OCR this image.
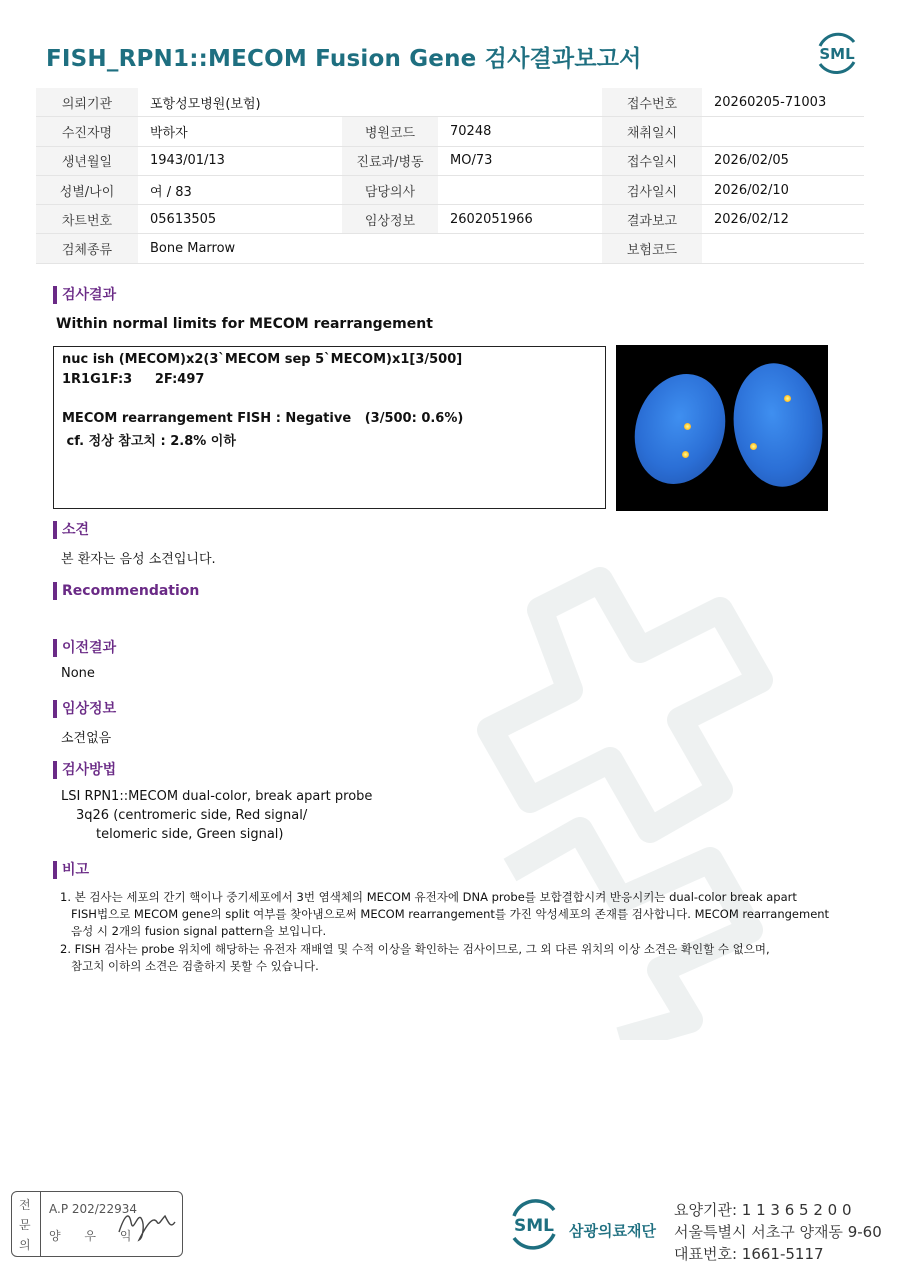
FISH_RPN1::MECOM Fusion Gene 검사결과보고서	SML
의뢰기관	포항성모병원(보험)			접수번호	20260205-71003
수진자명	박하자	병원코드	70248	채취일시	
생년월일	1943/01/13	진료과/병동	MO/73	접수일시	2026/02/05
성별/나이	여 / 83	담당의사		검사일시	2026/02/10
차트번호	05613505	임상정보	2602051966	결과보고	2026/02/12
검체종류	Bone Marrow			보험코드	
검사결과
Within normal limits for MECOM rearrangement
nuc ish (MECOM)x2(3`MECOM sep 5`MECOM)x1[3/500]
1R1G1F:3     2F:497
MECOM rearrangement FISH : Negative   (3/500: 0.6%)
cf. 정상 참고치 : 2.8% 이하
소견
본 환자는 음성 소견입니다.
Recommendation
이전결과
None
임상정보
소견없음
검사방법
LSI RPN1::MECOM dual-color, break apart probe
3q26 (centromeric side, Red signal/
telomeric side, Green signal)
비고
1. 본 검사는 세포의 간기 핵이나 중기세포에서 3번 염색체의 MECOM 유전자에 DNA probe를 보합결합시켜 반응시키는 dual-color break apart
FISH법으로 MECOM gene의 split 여부를 찾아냄으로써 MECOM rearrangement를 가진 악성세포의 존재를 검사합니다. MECOM rearrangement
음성 시 2개의 fusion signal pattern을 보입니다.
2. FISH 검사는 probe 위치에 해당하는 유전자 재배열 및 수적 이상을 확인하는 검사이므로, 그 외 다른 위치의 이상 소견은 확인할 수 없으며,
참고치 이하의 소견은 검출하지 못할 수 있습니다.
전
문
의
A.P 202/22934
양 우 익	SML 삼광의료재단
요양기관: 1 1 3 6 5 2 0 0
서울특별시 서초구 양재동 9-60
대표번호: 1661-5117
